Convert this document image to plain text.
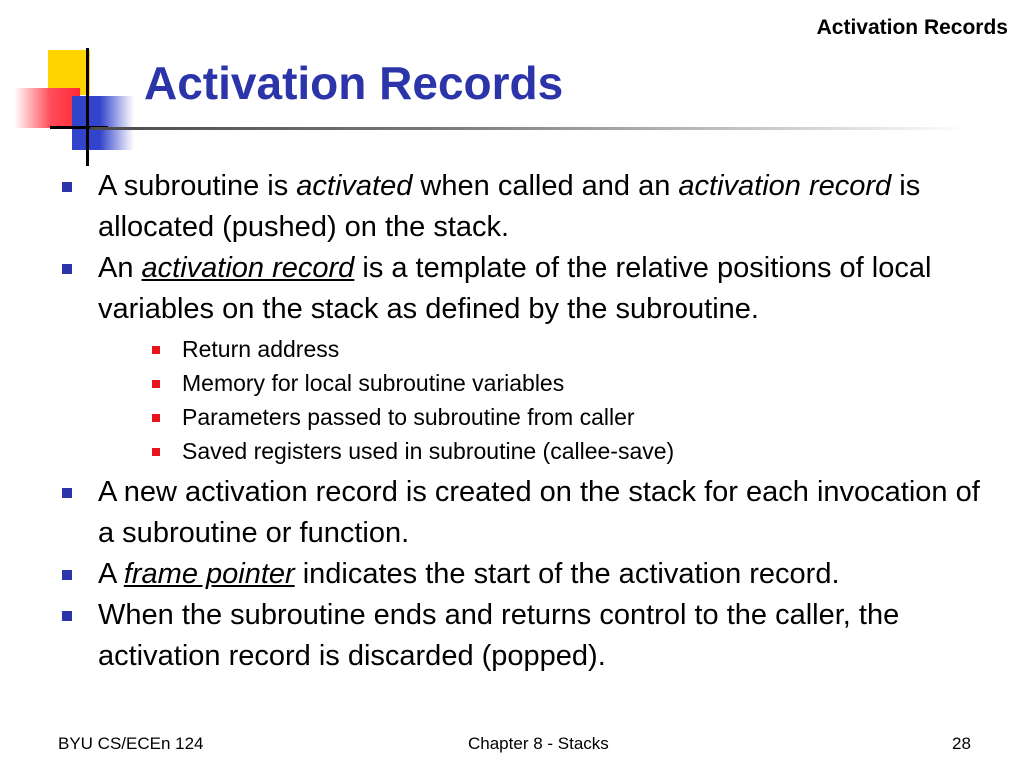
Activation Records
Activation Records
A subroutine is activated when called and an activation record is allocated (pushed) on the stack.
An activation record is a template of the relative positions of local variables on the stack as defined by the subroutine.
Return address
Memory for local subroutine variables
Parameters passed to subroutine from caller
Saved registers used in subroutine (callee-save)
A new activation record is created on the stack for each invocation of a subroutine or function.
A frame pointer indicates the start of the activation record.
When the subroutine ends and returns control to the caller, the activation record is discarded (popped).
BYU CS/ECEn 124	Chapter 8 - Stacks	28
